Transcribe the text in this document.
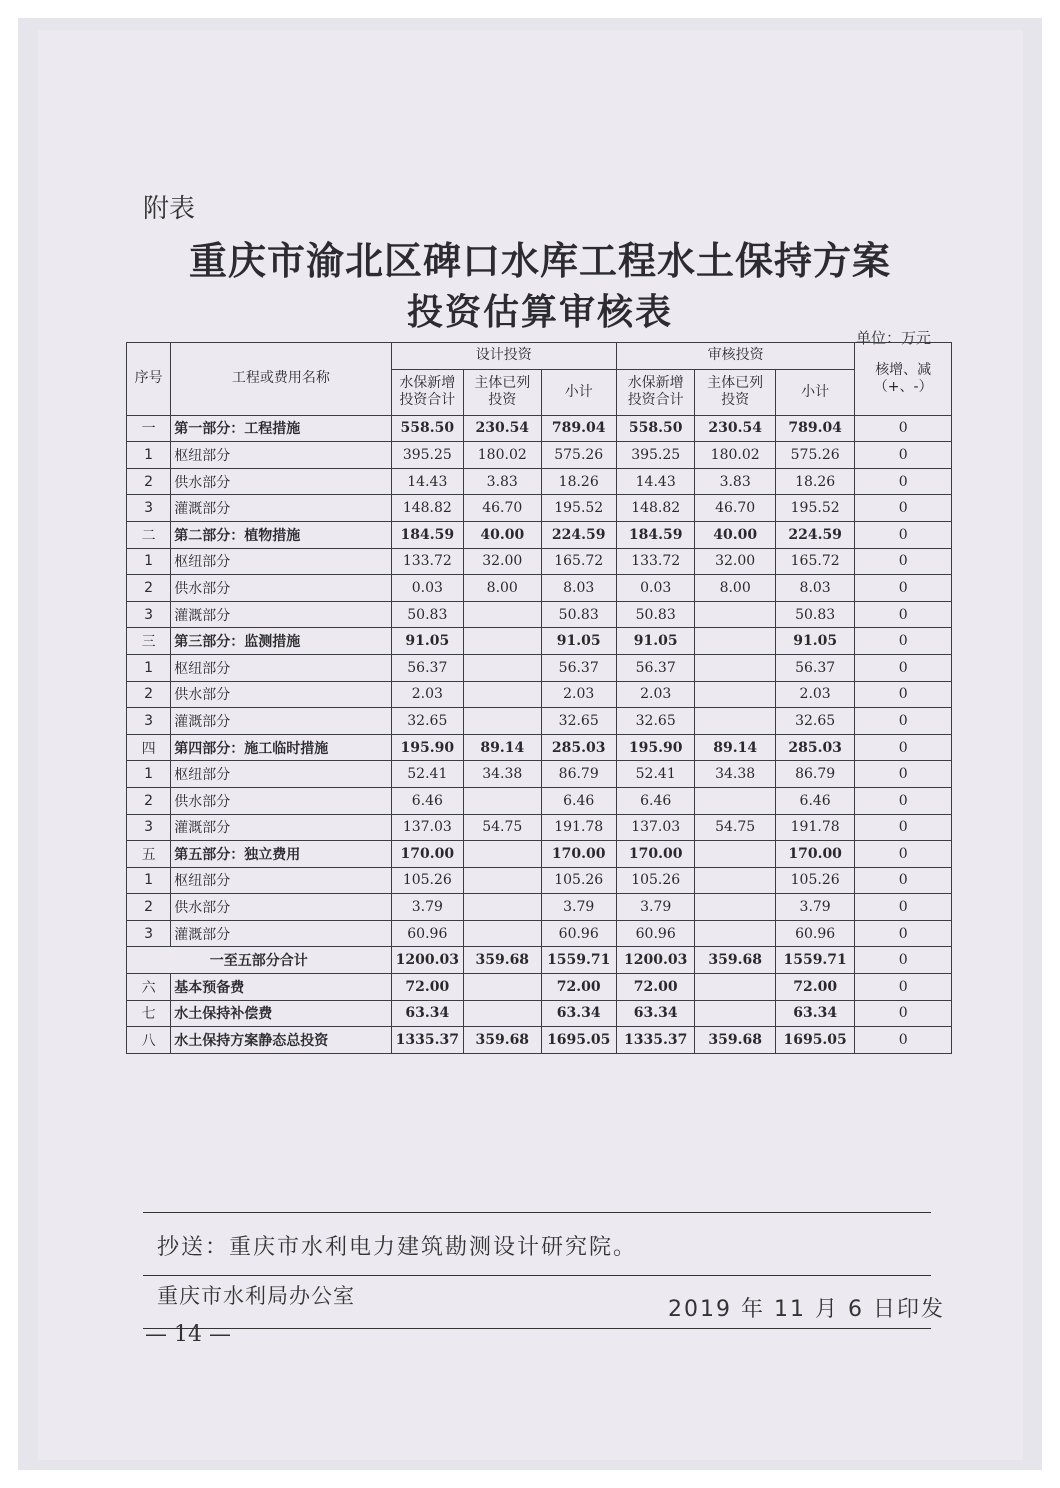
附表
重庆市渝北区碑口水库工程水土保持方案
投资估算审核表
单位：万元
序号	工程或费用名称	设计投资			审核投资			核增、减（+、-）
		水保新增投资合计	主体已列投资	小计	水保新增投资合计	主体已列投资	小计	
一	第一部分：工程措施	558.50	230.54	789.04	558.50	230.54	789.04	0
1	枢纽部分	395.25	180.02	575.26	395.25	180.02	575.26	0
2	供水部分	14.43	3.83	18.26	14.43	3.83	18.26	0
3	灌溉部分	148.82	46.70	195.52	148.82	46.70	195.52	0
二	第二部分：植物措施	184.59	40.00	224.59	184.59	40.00	224.59	0
1	枢纽部分	133.72	32.00	165.72	133.72	32.00	165.72	0
2	供水部分	0.03	8.00	8.03	0.03	8.00	8.03	0
3	灌溉部分	50.83		50.83	50.83		50.83	0
三	第三部分：监测措施	91.05		91.05	91.05		91.05	0
1	枢纽部分	56.37		56.37	56.37		56.37	0
2	供水部分	2.03		2.03	2.03		2.03	0
3	灌溉部分	32.65		32.65	32.65		32.65	0
四	第四部分：施工临时措施	195.90	89.14	285.03	195.90	89.14	285.03	0
1	枢纽部分	52.41	34.38	86.79	52.41	34.38	86.79	0
2	供水部分	6.46		6.46	6.46		6.46	0
3	灌溉部分	137.03	54.75	191.78	137.03	54.75	191.78	0
五	第五部分：独立费用	170.00		170.00	170.00		170.00	0
1	枢纽部分	105.26		105.26	105.26		105.26	0
2	供水部分	3.79		3.79	3.79		3.79	0
3	灌溉部分	60.96		60.96	60.96		60.96	0
一至五部分合计		1200.03	359.68	1559.71	1200.03	359.68	1559.71	0
六	基本预备费	72.00		72.00	72.00		72.00	0
七	水土保持补偿费	63.34		63.34	63.34		63.34	0
八	水土保持方案静态总投资	1335.37	359.68	1695.05	1335.37	359.68	1695.05	0
抄送：重庆市水利电力建筑勘测设计研究院。
重庆市水利局办公室
2019 年 11 月 6 日印发
— 14 —
